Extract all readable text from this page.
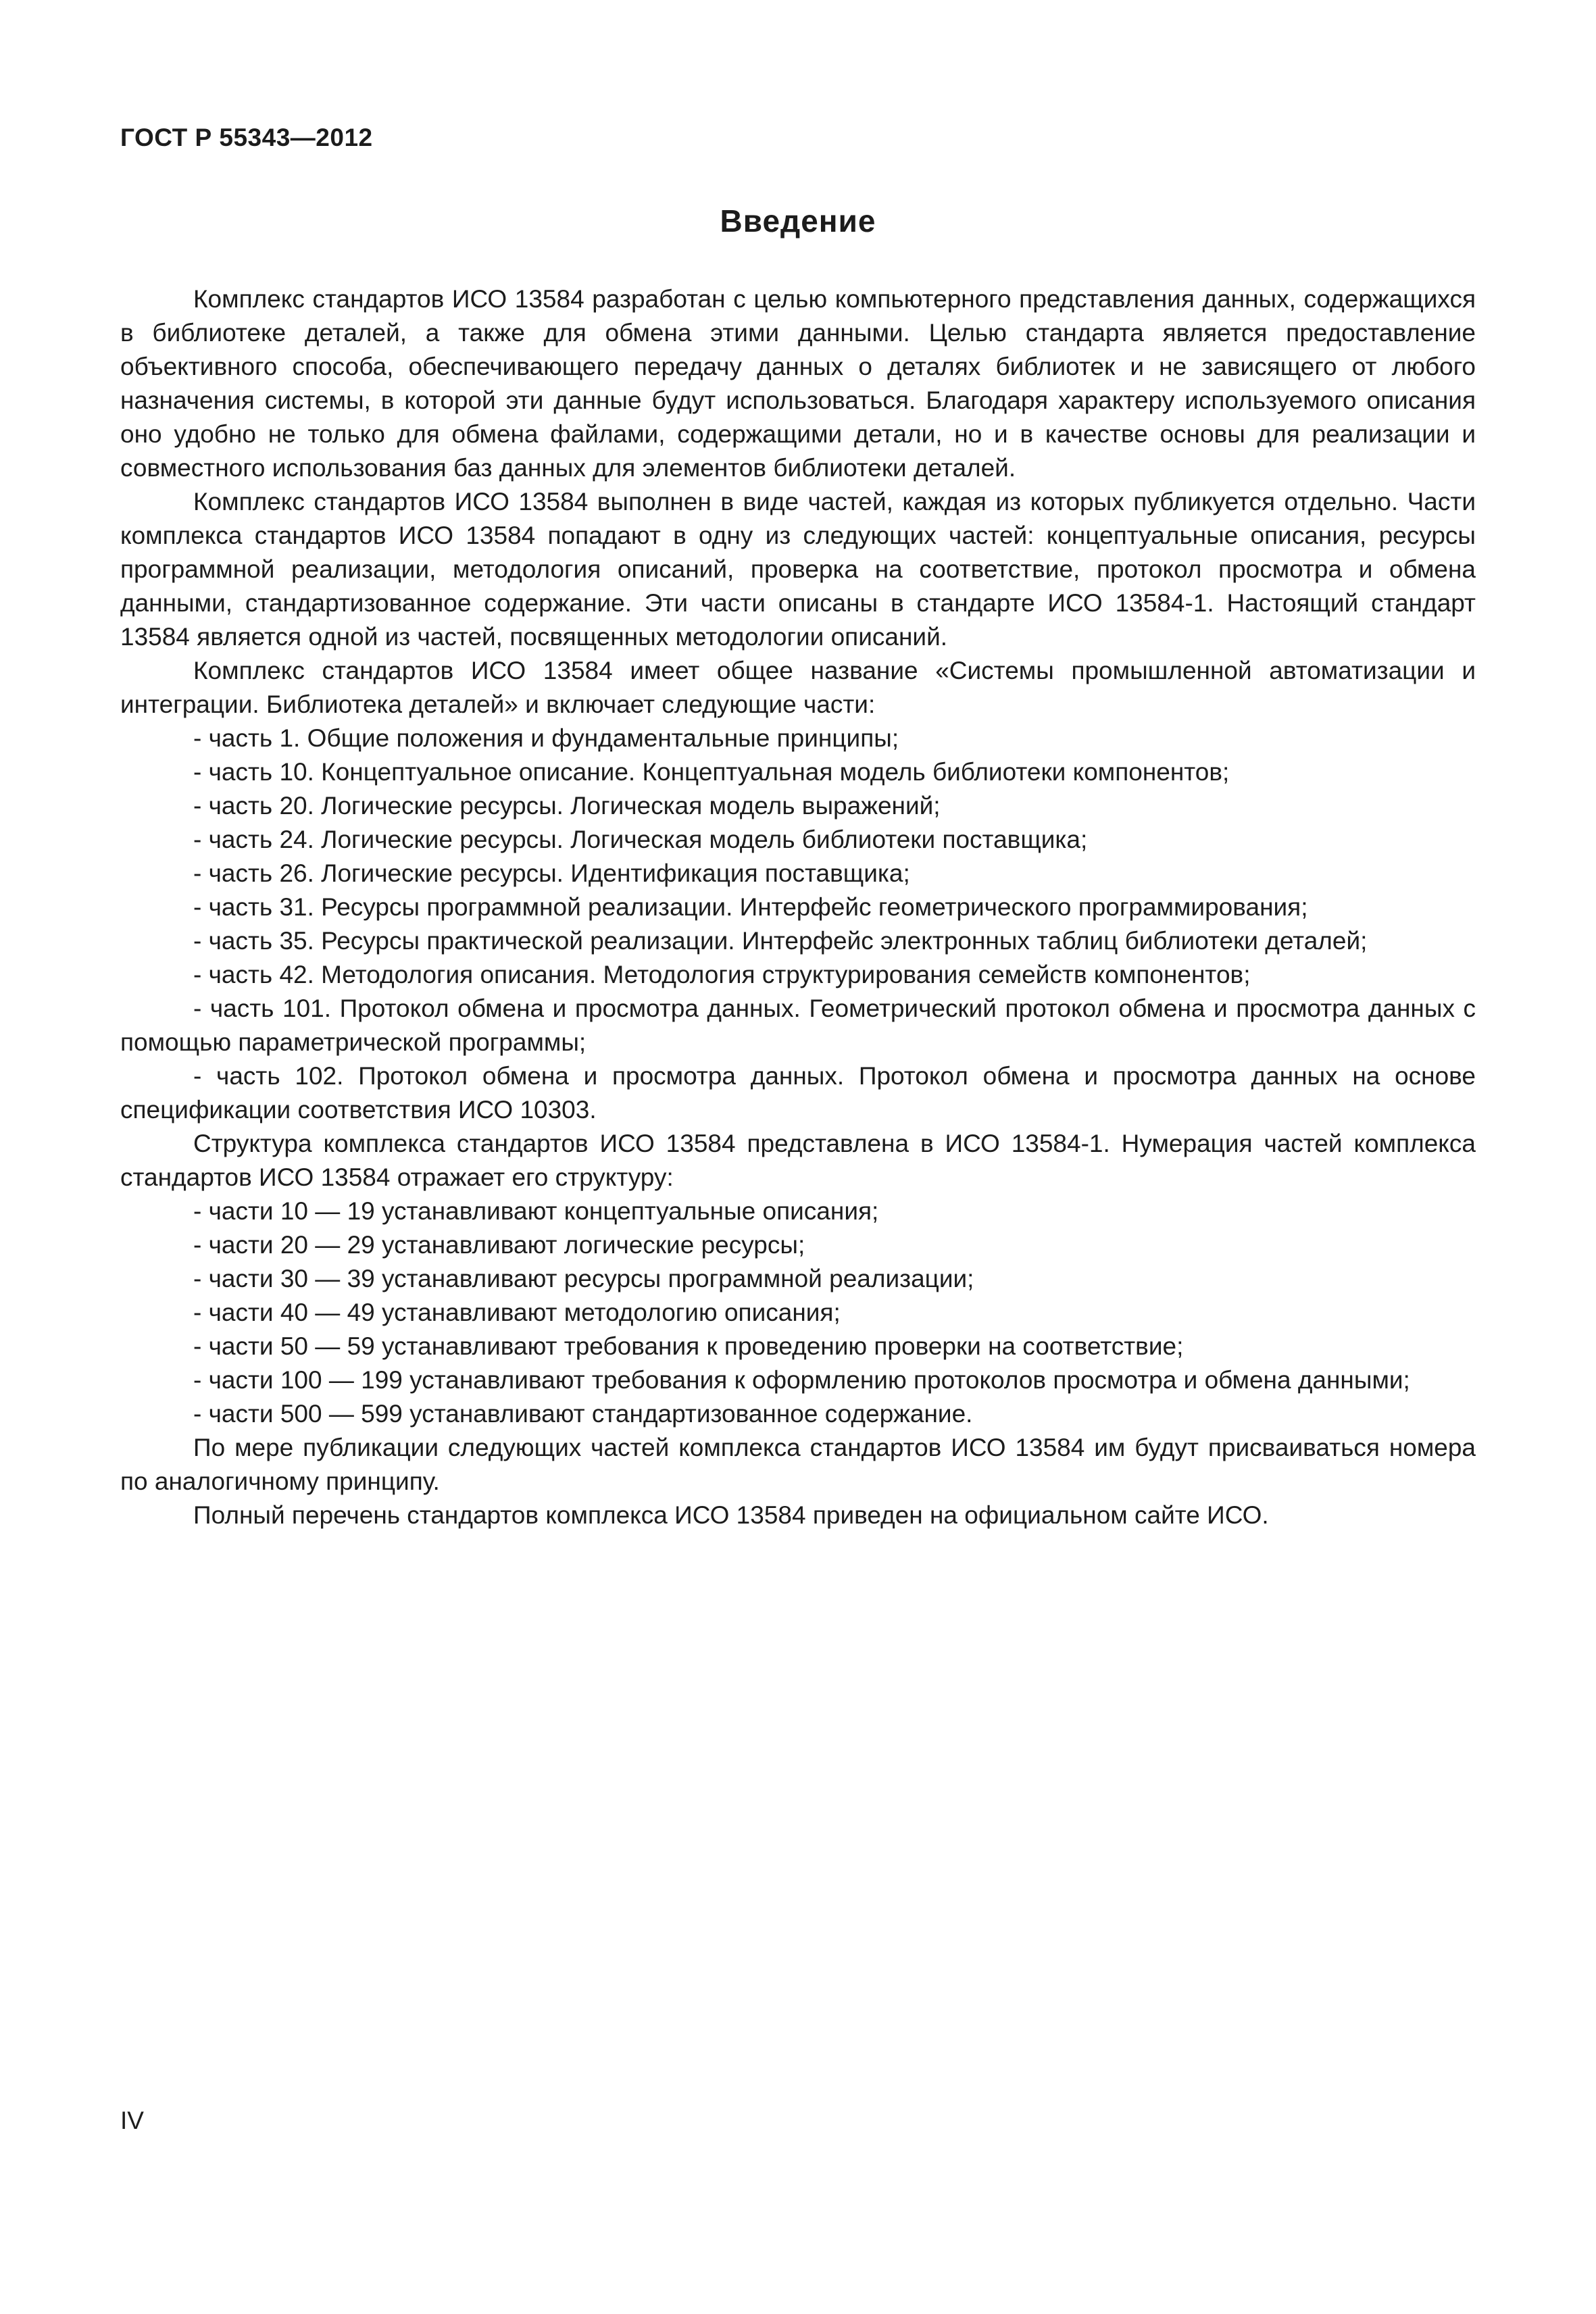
ГОСТ Р 55343—2012
Введение

Комплекс стандартов ИСО 13584 разработан с целью компьютерного представления данных, содержащихся в библиотеке деталей, а также для обмена этими данными. Целью стандарта является предоставление объективного способа, обеспечивающего передачу данных о деталях библиотек и не зависящего от любого назначения системы, в которой эти данные будут использоваться. Благодаря характеру используемого описания оно удобно не только для обмена файлами, содержащими детали, но и в качестве основы для реализации и совместного использования баз данных для элементов библиотеки деталей.

Комплекс стандартов ИСО 13584 выполнен в виде частей, каждая из которых публикуется отдельно. Части комплекса стандартов ИСО 13584 попадают в одну из следующих частей: концептуальные описания, ресурсы программной реализации, методология описаний, проверка на соответствие, протокол просмотра и обмена данными, стандартизованное содержание. Эти части описаны в стандарте ИСО 13584-1. Настоящий стандарт 13584 является одной из частей, посвященных методологии описаний.

Комплекс стандартов ИСО 13584 имеет общее название «Системы промышленной автоматизации и интеграции. Библиотека деталей» и включает следующие части:

- часть 1. Общие положения и фундаментальные принципы;

- часть 10. Концептуальное описание. Концептуальная модель библиотеки компонентов;

- часть 20. Логические ресурсы. Логическая модель выражений;

- часть 24. Логические ресурсы. Логическая модель библиотеки поставщика;

- часть 26. Логические ресурсы. Идентификация поставщика;

- часть 31. Ресурсы программной реализации. Интерфейс геометрического программирования;

- часть 35. Ресурсы практической реализации. Интерфейс электронных таблиц библиотеки деталей;

- часть 42. Методология описания. Методология структурирования семейств компонентов;

- часть 101. Протокол обмена и просмотра данных. Геометрический протокол обмена и просмотра данных с помощью параметрической программы;

- часть 102. Протокол обмена и просмотра данных. Протокол обмена и просмотра данных на основе спецификации соответствия ИСО 10303.

Структура комплекса стандартов ИСО 13584 представлена в ИСО 13584-1. Нумерация частей комплекса стандартов ИСО 13584 отражает его структуру:

- части 10 — 19 устанавливают концептуальные описания;

- части 20 — 29 устанавливают логические ресурсы;

- части 30 — 39 устанавливают ресурсы программной реализации;

- части 40 — 49 устанавливают методологию описания;

- части 50 — 59 устанавливают требования к проведению проверки на соответствие;

- части 100 — 199 устанавливают требования к оформлению протоколов просмотра и обмена данными;

- части 500 — 599 устанавливают стандартизованное содержание.

По мере публикации следующих частей комплекса стандартов ИСО 13584 им будут присваиваться номера по аналогичному принципу.

Полный перечень стандартов комплекса ИСО 13584 приведен на официальном сайте ИСО.

IV
